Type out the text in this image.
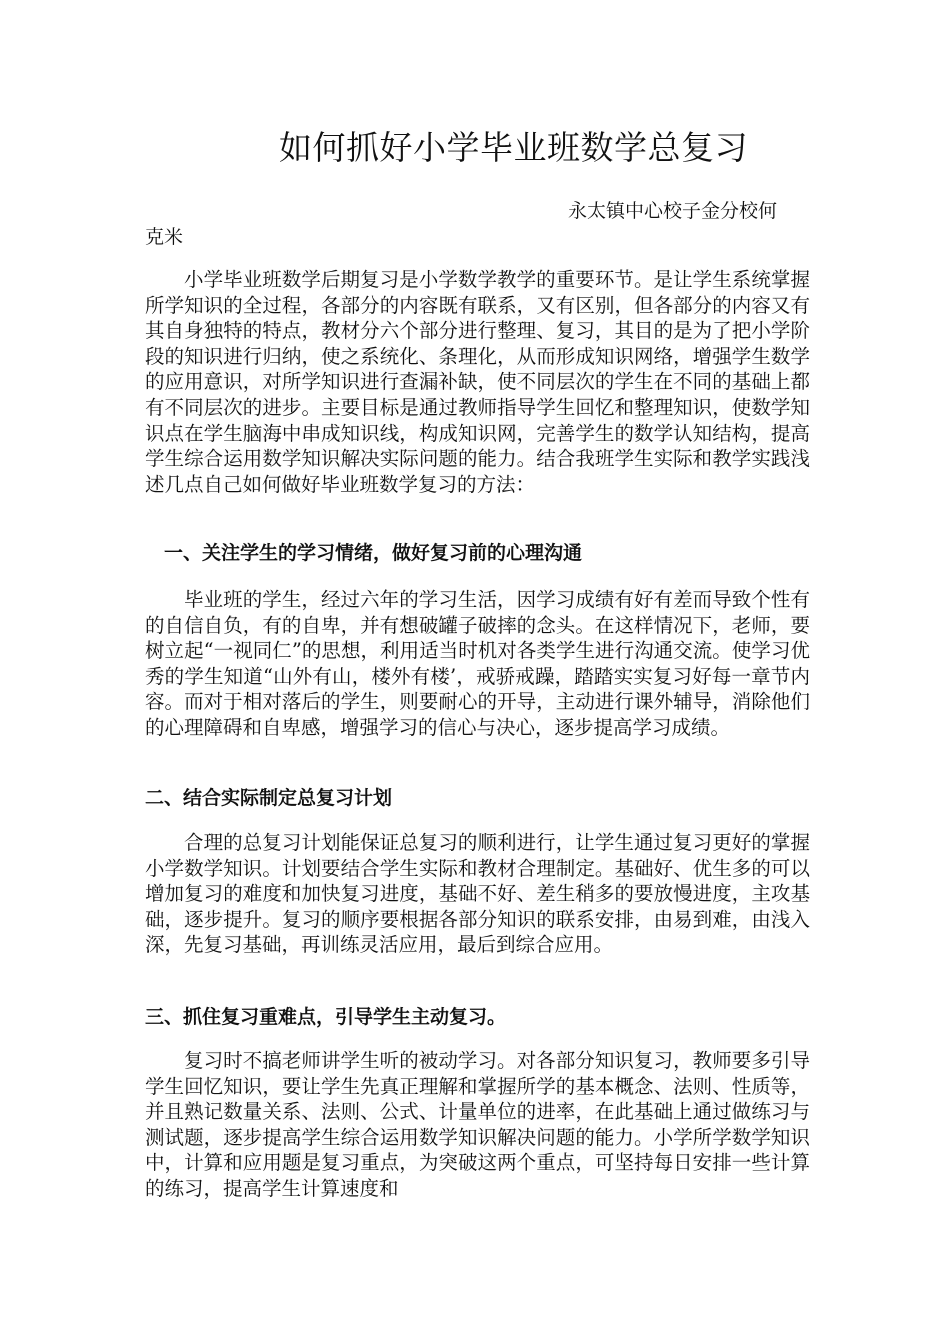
如何抓好小学毕业班数学总复习
永太镇中心校子金分校何
克米

小学毕业班数学后期复习是小学数学教学的重要环节。是让学生系统掌握所学知识的全过程，各部分的内容既有联系，又有区别，但各部分的内容又有其自身独特的特点，教材分六个部分进行整理、复习，其目的是为了把小学阶段的知识进行归纳，使之系统化、条理化，从而形成知识网络，增强学生数学的应用意识，对所学知识进行查漏补缺，使不同层次的学生在不同的基础上都有不同层次的进步。主要目标是通过教师指导学生回忆和整理知识，使数学知识点在学生脑海中串成知识线，构成知识网，完善学生的数学认知结构，提高学生综合运用数学知识解决实际问题的能力。结合我班学生实际和教学实践浅述几点自己如何做好毕业班数学复习的方法：

一、关注学生的学习情绪，做好复习前的心理沟通

毕业班的学生，经过六年的学习生活，因学习成绩有好有差而导致个性有的自信自负，有的自卑，并有想破罐子破摔的念头。在这样情况下，老师，要树立起“一视同仁”的思想，利用适当时机对各类学生进行沟通交流。使学习优秀的学生知道“山外有山，楼外有楼’，戒骄戒躁，踏踏实实复习好每一章节内容。而对于相对落后的学生，则要耐心的开导，主动进行课外辅导，消除他们的心理障碍和自卑感，增强学习的信心与决心，逐步提高学习成绩。

二、结合实际制定总复习计划

合理的总复习计划能保证总复习的顺利进行，让学生通过复习更好的掌握小学数学知识。计划要结合学生实际和教材合理制定。基础好、优生多的可以增加复习的难度和加快复习进度，基础不好、差生稍多的要放慢进度，主攻基础，逐步提升。复习的顺序要根据各部分知识的联系安排，由易到难，由浅入深，先复习基础，再训练灵活应用，最后到综合应用。

三、抓住复习重难点，引导学生主动复习。

复习时不搞老师讲学生听的被动学习。对各部分知识复习，教师要多引导学生回忆知识，要让学生先真正理解和掌握所学的基本概念、法则、性质等，并且熟记数量关系、法则、公式、计量单位的进率，在此基础上通过做练习与测试题，逐步提高学生综合运用数学知识解决问题的能力。小学所学数学知识中，计算和应用题是复习重点，为突破这两个重点，可坚持每日安排一些计算的练习，提高学生计算速度和
